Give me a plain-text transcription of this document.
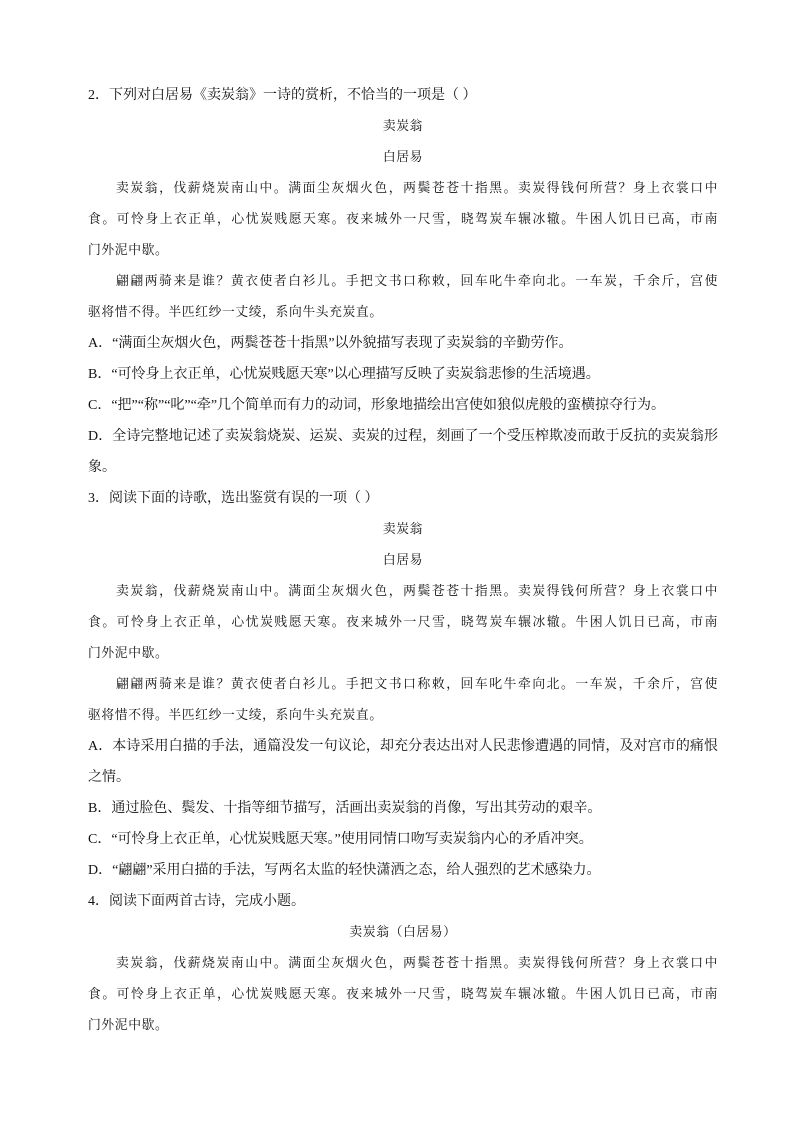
2．下列对白居易《卖炭翁》一诗的赏析，不恰当的一项是（ ）
卖炭翁
白居易
卖炭翁，伐薪烧炭南山中。满面尘灰烟火色，两鬓苍苍十指黑。卖炭得钱何所营？身上衣裳口中
食。可怜身上衣正单，心忧炭贱愿天寒。夜来城外一尺雪，晓驾炭车辗冰辙。牛困人饥日已高，市南
门外泥中歇。
翩翩两骑来是谁？黄衣使者白衫儿。手把文书口称敕，回车叱牛牵向北。一车炭，千余斤，宫使
驱将惜不得。半匹红纱一丈绫，系向牛头充炭直。
A．“满面尘灰烟火色，两鬓苍苍十指黑”以外貌描写表现了卖炭翁的辛勤劳作。
B．“可怜身上衣正单，心忧炭贱愿天寒”以心理描写反映了卖炭翁悲惨的生活境遇。
C．“把”“称”“叱”“牵”几个简单而有力的动词，形象地描绘出宫使如狼似虎般的蛮横掠夺行为。
D．全诗完整地记述了卖炭翁烧炭、运炭、卖炭的过程，刻画了一个受压榨欺凌而敢于反抗的卖炭翁形
象。
3．阅读下面的诗歌，选出鉴赏有误的一项（ ）
卖炭翁
白居易
卖炭翁，伐薪烧炭南山中。满面尘灰烟火色，两鬓苍苍十指黑。卖炭得钱何所营？身上衣裳口中
食。可怜身上衣正单，心忧炭贱愿天寒。夜来城外一尺雪，晓驾炭车辗冰辙。牛困人饥日已高，市南
门外泥中歇。
翩翩两骑来是谁？黄衣使者白衫儿。手把文书口称敕，回车叱牛牵向北。一车炭，千余斤，宫使
驱将惜不得。半匹红纱一丈绫，系向牛头充炭直。
A．本诗采用白描的手法，通篇没发一句议论，却充分表达出对人民悲惨遭遇的同情，及对宫市的痛恨
之情。
B．通过脸色、鬓发、十指等细节描写，活画出卖炭翁的肖像，写出其劳动的艰辛。
C．“可怜身上衣正单，心忧炭贱愿天寒。”使用同情口吻写卖炭翁内心的矛盾冲突。
D．“翩翩”采用白描的手法，写两名太监的轻快潇洒之态，给人强烈的艺术感染力。
4．阅读下面两首古诗，完成小题。
卖炭翁（白居易）
卖炭翁，伐薪烧炭南山中。满面尘灰烟火色，两鬓苍苍十指黑。卖炭得钱何所营？身上衣裳口中
食。可怜身上衣正单，心忧炭贱愿天寒。夜来城外一尺雪，晓驾炭车辗冰辙。牛困人饥日已高，市南
门外泥中歇。
